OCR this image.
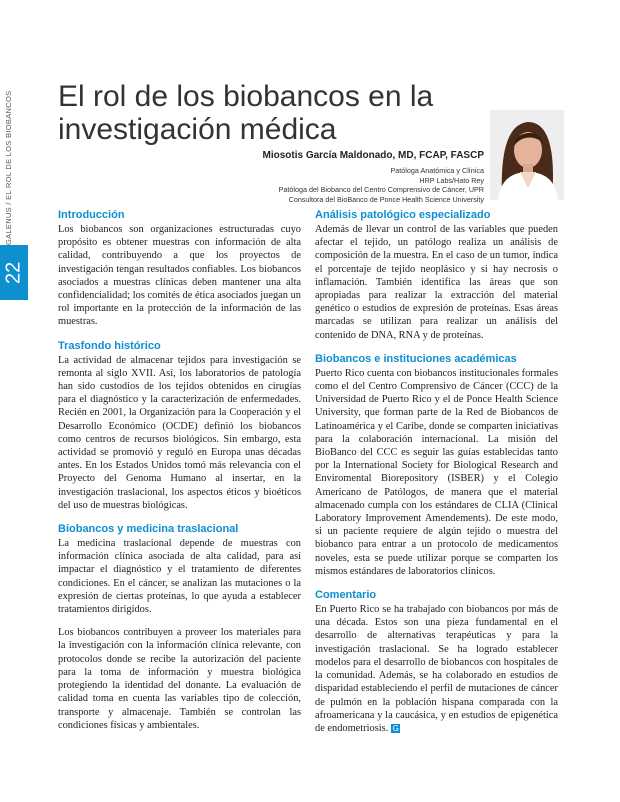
GALENUS / EL ROL DE LOS BIOBANCOS
22
El rol de los biobancos en la investigación médica
Miosotis García Maldonado, MD, FCAP, FASCP
Patóloga Anatómica y Clínica
HRP Labs/Hato Rey
Patóloga del Biobanco del Centro Comprensivo de Cáncer, UPR
Consultora del BioBanco de Ponce Health Science University
Introducción

Los biobancos son organizaciones estructuradas cuyo propósito es obtener muestras con información de alta calidad, contribuyendo a que los proyectos de investigación tengan resultados confiables. Los biobancos asociados a muestras clínicas deben mantener una alta confidencialidad; los comités de ética asociados juegan un rol importante en la protección de la información de las muestras.

Trasfondo histórico

La actividad de almacenar tejidos para investigación se remonta al siglo XVII. Así, los laboratorios de patología han sido custodios de los tejidos obtenidos en cirugías para el diagnóstico y la caracterización de enfermedades. Recién en 2001, la Organización para la Cooperación y el Desarrollo Económico (OCDE) definió los biobancos como centros de recursos biológicos. Sin embargo, esta actividad se promovió y reguló en Europa unas décadas antes. En los Estados Unidos tomó más relevancia con el Proyecto del Genoma Humano al insertar, en la investigación traslacional, los aspectos éticos y bioéticos del uso de muestras biológicas.

Biobancos y medicina traslacional

La medicina traslacional depende de muestras con información clínica asociada de alta calidad, para así impactar el diagnóstico y el tratamiento de diferentes condiciones. En el cáncer, se analizan las mutaciones o la expresión de ciertas proteínas, lo que ayuda a establecer tratamientos dirigidos.

Los biobancos contribuyen a proveer los materiales para la investigación con la información clínica relevante, con protocolos donde se recibe la autorización del paciente para la toma de información y muestra biológica protegiendo la identidad del donante. La evaluación de calidad toma en cuenta las variables tipo de colección, transporte y almacenaje. También se controlan las condiciones físicas y ambientales.

Análisis patológico especializado

Además de llevar un control de las variables que pueden afectar el tejido, un patólogo realiza un análisis de composición de la muestra. En el caso de un tumor, indica el porcentaje de tejido neoplásico y si hay necrosis o inflamación. También identifica las áreas que son apropiadas para realizar la extracción del material genético o estudios de expresión de proteínas. Esas áreas marcadas se utilizan para realizar un análisis del contenido de DNA, RNA y de proteínas.

Biobancos e instituciones académicas

Puerto Rico cuenta con biobancos institucionales formales como el del Centro Comprensivo de Cáncer (CCC) de la Universidad de Puerto Rico y el de Ponce Health Science University, que forman parte de la Red de Biobancos de Latinoamérica y el Caribe, donde se comparten iniciativas para la colaboración internacional. La misión del BioBanco del CCC es seguir las guías establecidas tanto por la International Society for Biological Research and Enviromental Biorepository (ISBER) y el Colegio Americano de Patólogos, de manera que el material almacenado cumpla con los estándares de CLIA (Clinical Laboratory Improvement Amendements). De este modo, si un paciente requiere de algún tejido o muestra del biobanco para entrar a un protocolo de medicamentos noveles, esta se puede utilizar porque se comparten los mismos estándares de laboratorios clínicos.

Comentario

En Puerto Rico se ha trabajado con biobancos por más de una década. Estos son una pieza fundamental en el desarrollo de alternativas terapéuticas y para la investigación traslacional. Se ha logrado establecer modelos para el desarrollo de biobancos con hospitales de la comunidad. Además, se ha colaborado en estudios de disparidad estableciendo el perfil de mutaciones de cáncer de pulmón en la población hispana comparada con la afroamericana y la caucásica, y en estudios de epigenética de endometriosis. G
